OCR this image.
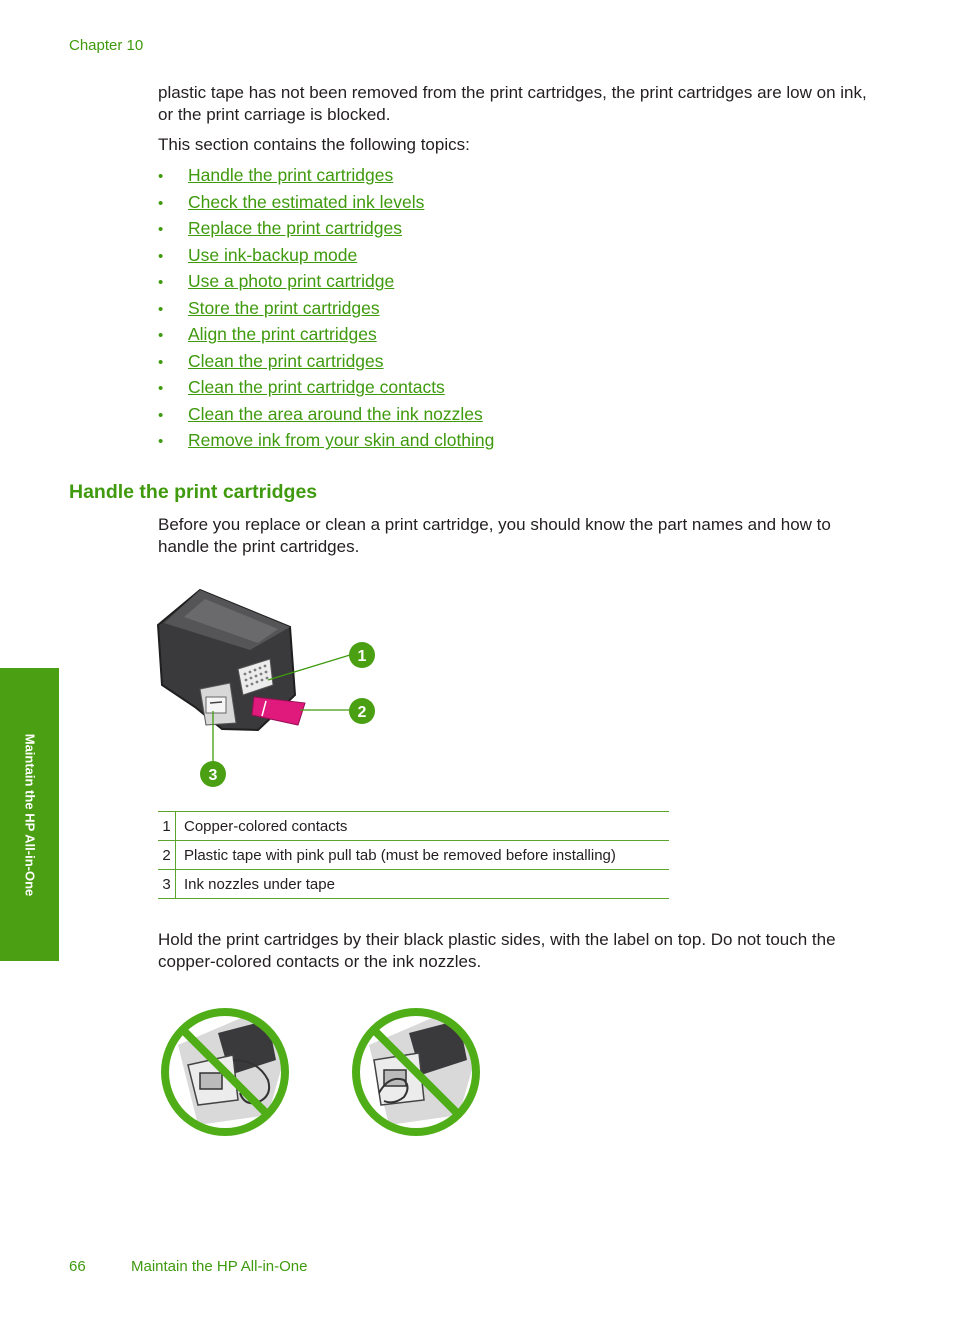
Chapter 10
Maintain the HP All-in-One

plastic tape has not been removed from the print cartridges, the print cartridges are low on ink, or the print carriage is blocked.

This section contains the following topics:

• Handle the print cartridges
• Check the estimated ink levels
• Replace the print cartridges
• Use ink-backup mode
• Use a photo print cartridge
• Store the print cartridges
• Align the print cartridges
• Clean the print cartridges
• Clean the print cartridge contacts
• Clean the area around the ink nozzles
• Remove ink from your skin and clothing
Handle the print cartridges

Before you replace or clean a print cartridge, you should know the part names and how to handle the print cartridges.

1
2
3
1	Copper-colored contacts
2	Plastic tape with pink pull tab (must be removed before installing)
3	Ink nozzles under tape

Hold the print cartridges by their black plastic sides, with the label on top. Do not touch the copper-colored contacts or the ink nozzles.

66	Maintain the HP All-in-One
